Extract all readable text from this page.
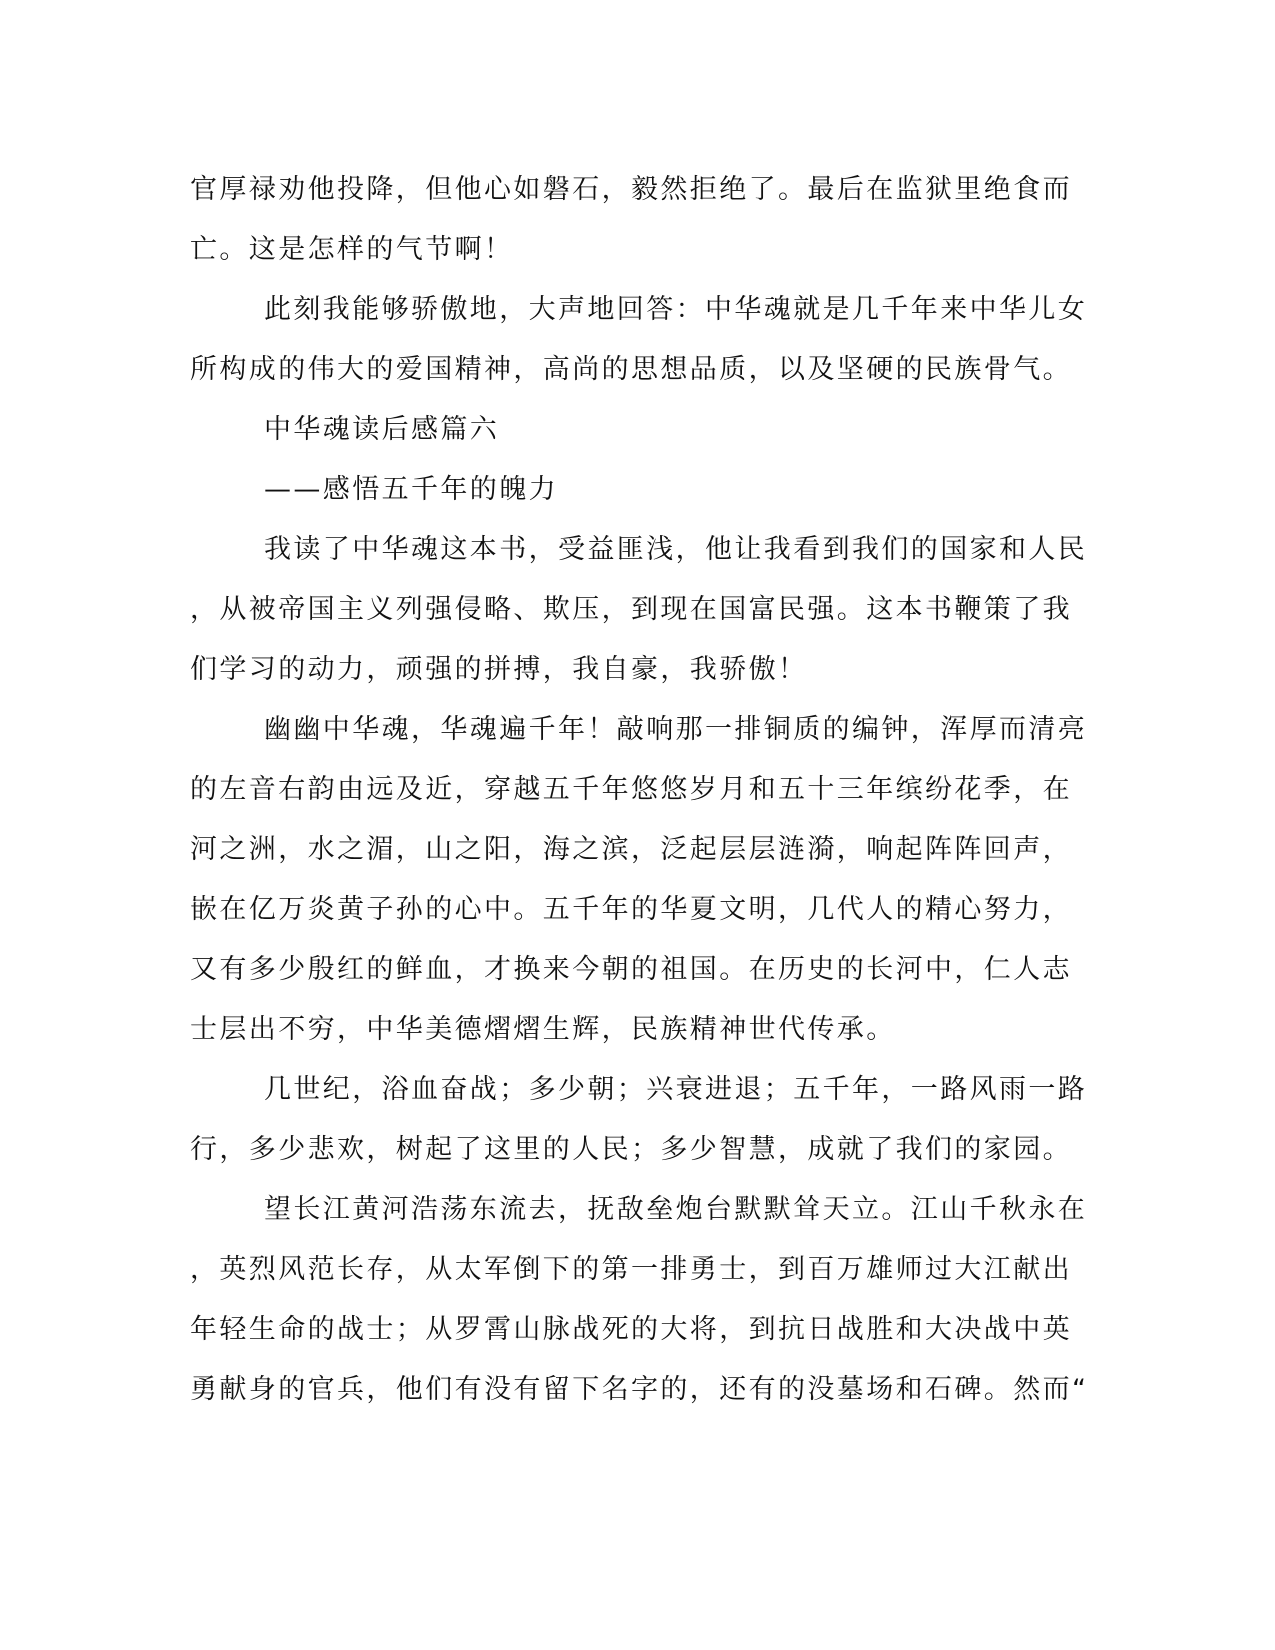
官厚禄劝他投降，但他心如磐石，毅然拒绝了。最后在监狱里绝食而
亡。这是怎样的气节啊！
此刻我能够骄傲地，大声地回答：中华魂就是几千年来中华儿女
所构成的伟大的爱国精神，高尚的思想品质，以及坚硬的民族骨气。
中华魂读后感篇六
——感悟五千年的魄力
我读了中华魂这本书，受益匪浅，他让我看到我们的国家和人民
，从被帝国主义列强侵略、欺压，到现在国富民强。这本书鞭策了我
们学习的动力，顽强的拼搏，我自豪，我骄傲！
幽幽中华魂，华魂遍千年！敲响那一排铜质的编钟，浑厚而清亮
的左音右韵由远及近，穿越五千年悠悠岁月和五十三年缤纷花季，在
河之洲，水之湄，山之阳，海之滨，泛起层层涟漪，响起阵阵回声，
嵌在亿万炎黄子孙的心中。五千年的华夏文明，几代人的精心努力，
又有多少殷红的鲜血，才换来今朝的祖国。在历史的长河中，仁人志
士层出不穷，中华美德熠熠生辉，民族精神世代传承。
几世纪，浴血奋战；多少朝；兴衰进退；五千年，一路风雨一路
行，多少悲欢，树起了这里的人民；多少智慧，成就了我们的家园。
望长江黄河浩荡东流去，抚敌垒炮台默默耸天立。江山千秋永在
，英烈风范长存，从太军倒下的第一排勇士，到百万雄师过大江献出
年轻生命的战士；从罗霄山脉战死的大将，到抗日战胜和大决战中英
勇献身的官兵，他们有没有留下名字的，还有的没墓场和石碑。然而“
